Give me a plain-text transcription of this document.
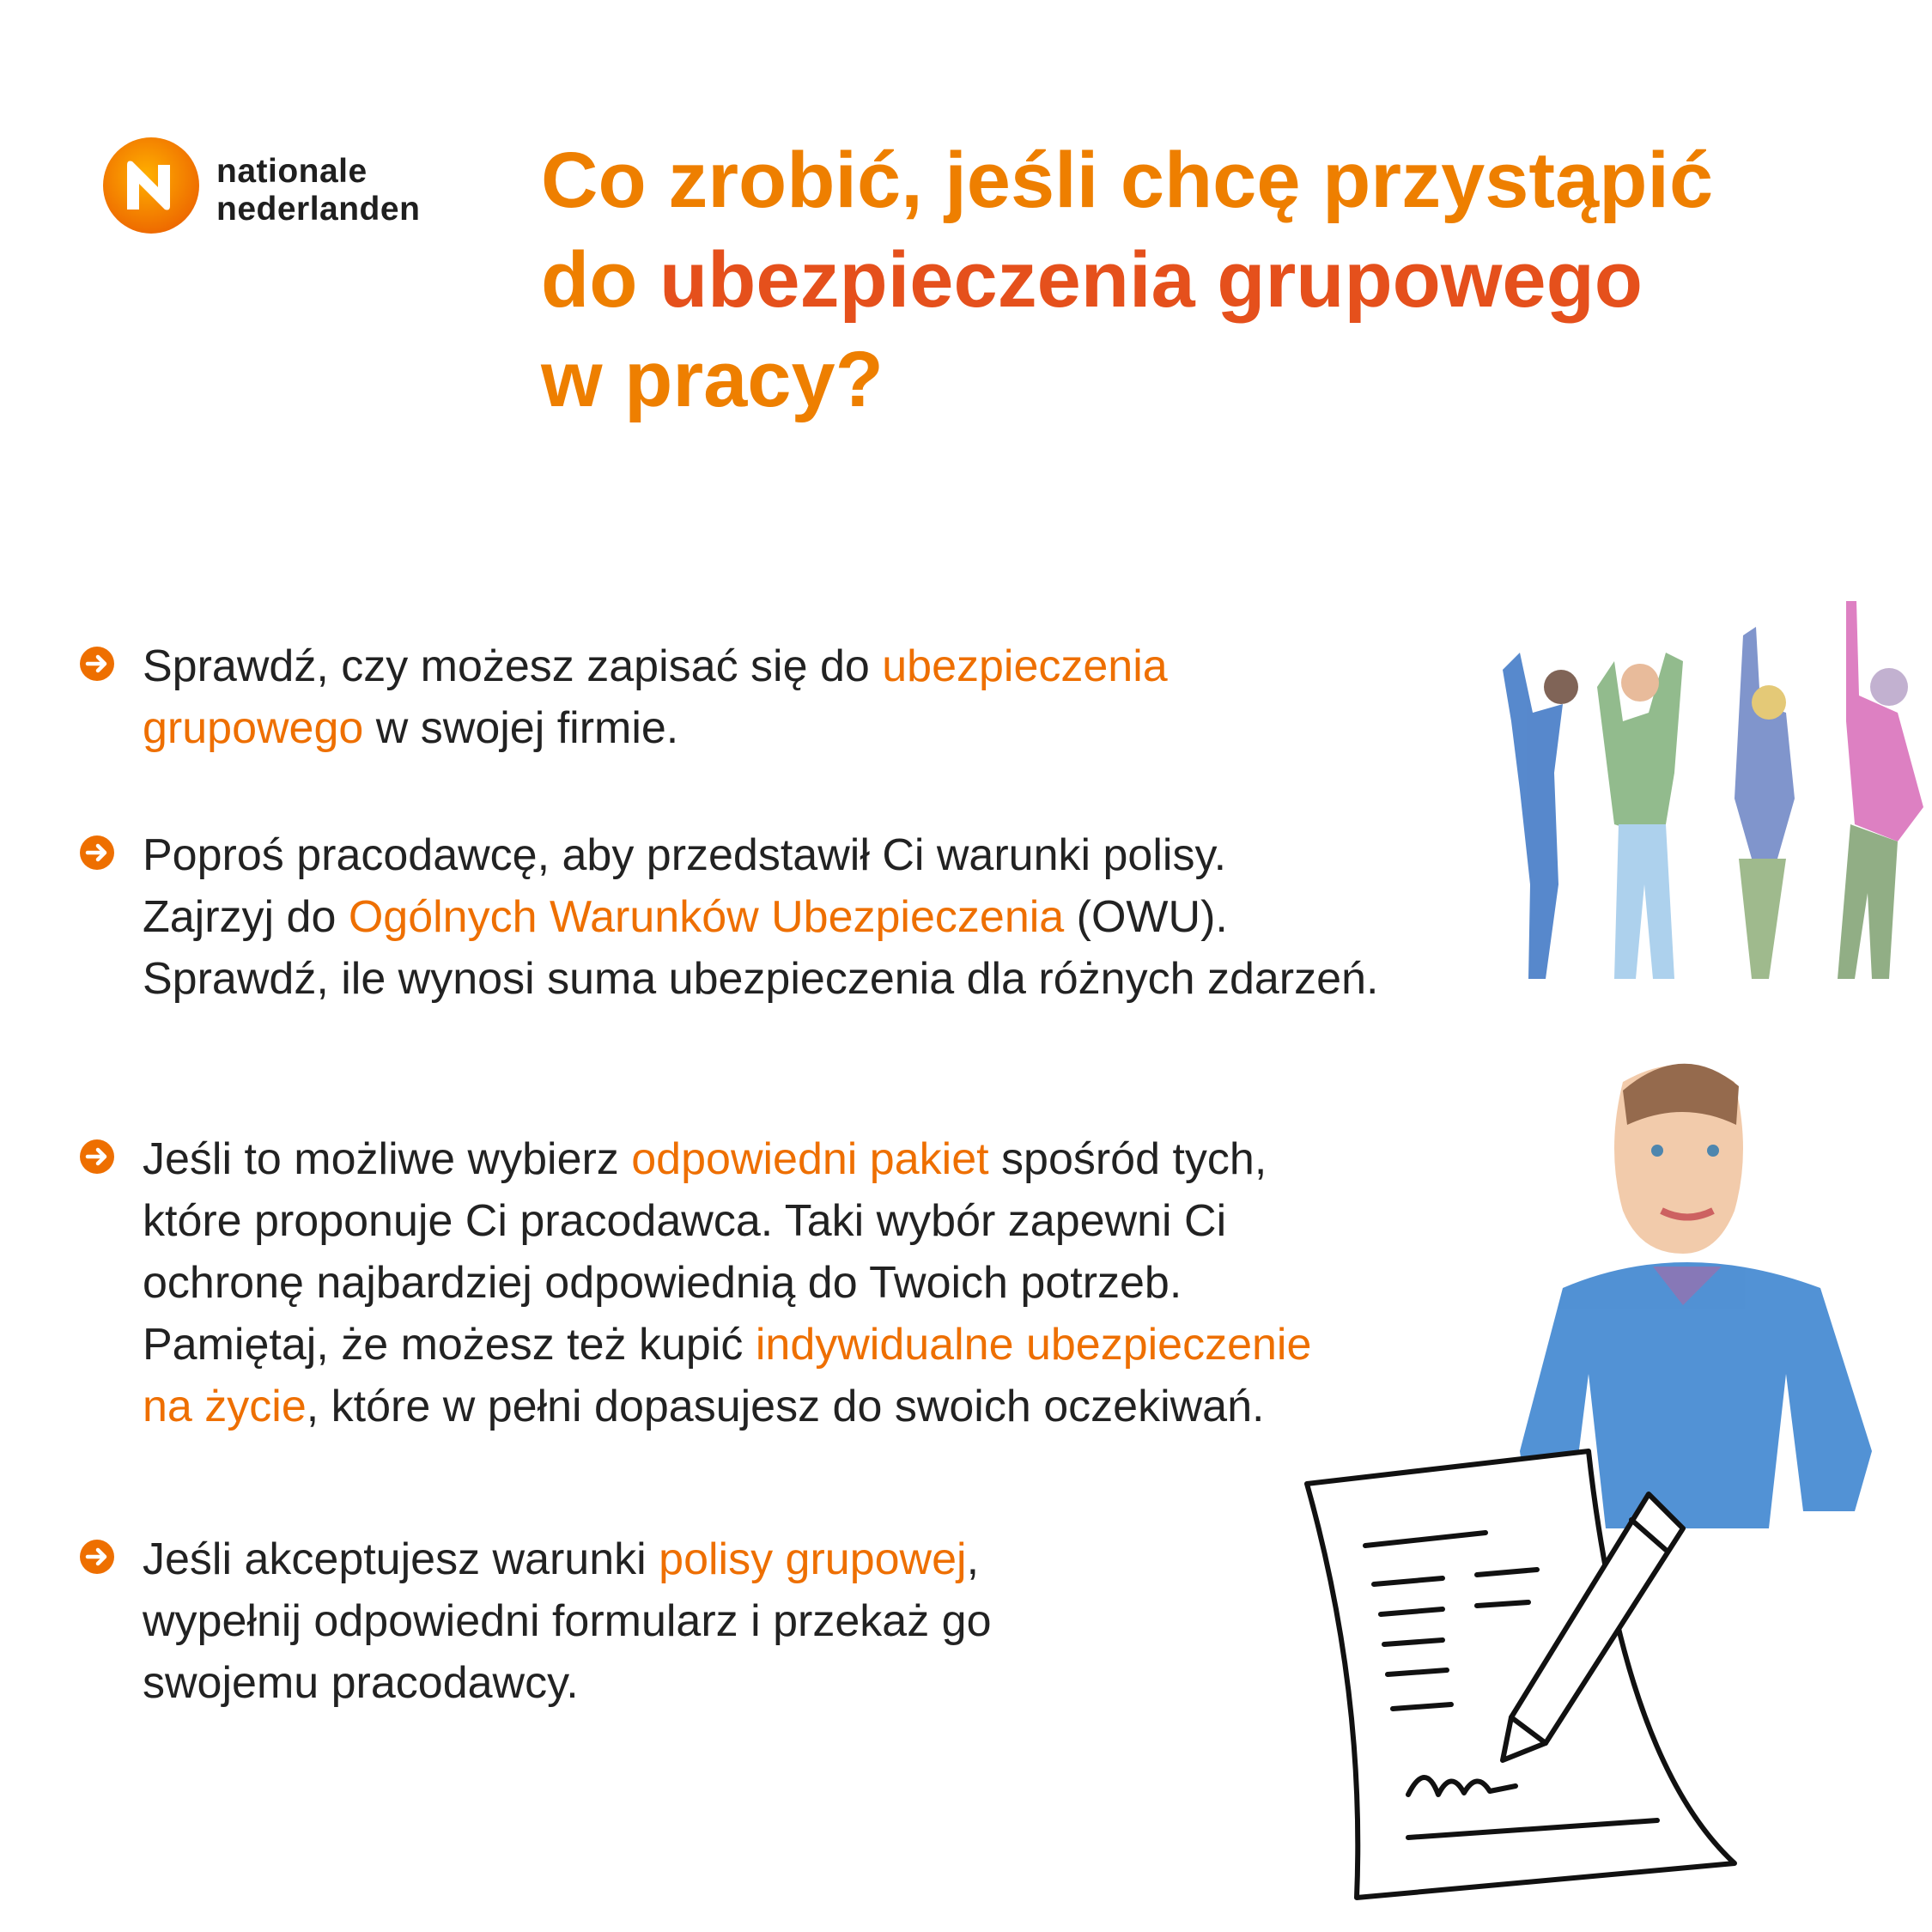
nationale
nederlanden Co zrobić, jeśli chcę przystąpić
do ubezpieczenia grupowego
w pracy?
Sprawdź, czy możesz zapisać się do ubezpieczenia
grupowego w swojej firmie.
Poproś pracodawcę, aby przedstawił Ci warunki polisy.
Zajrzyj do Ogólnych Warunków Ubezpieczenia (OWU).
Sprawdź, ile wynosi suma ubezpieczenia dla różnych zdarzeń.
Jeśli to możliwe wybierz odpowiedni pakiet spośród tych,
które proponuje Ci pracodawca. Taki wybór zapewni Ci
ochronę najbardziej odpowiednią do Twoich potrzeb.
Pamiętaj, że możesz też kupić indywidualne ubezpieczenie
na życie, które w pełni dopasujesz do swoich oczekiwań.
Jeśli akceptujesz warunki polisy grupowej,
wypełnij odpowiedni formularz i przekaż go
swojemu pracodawcy.
